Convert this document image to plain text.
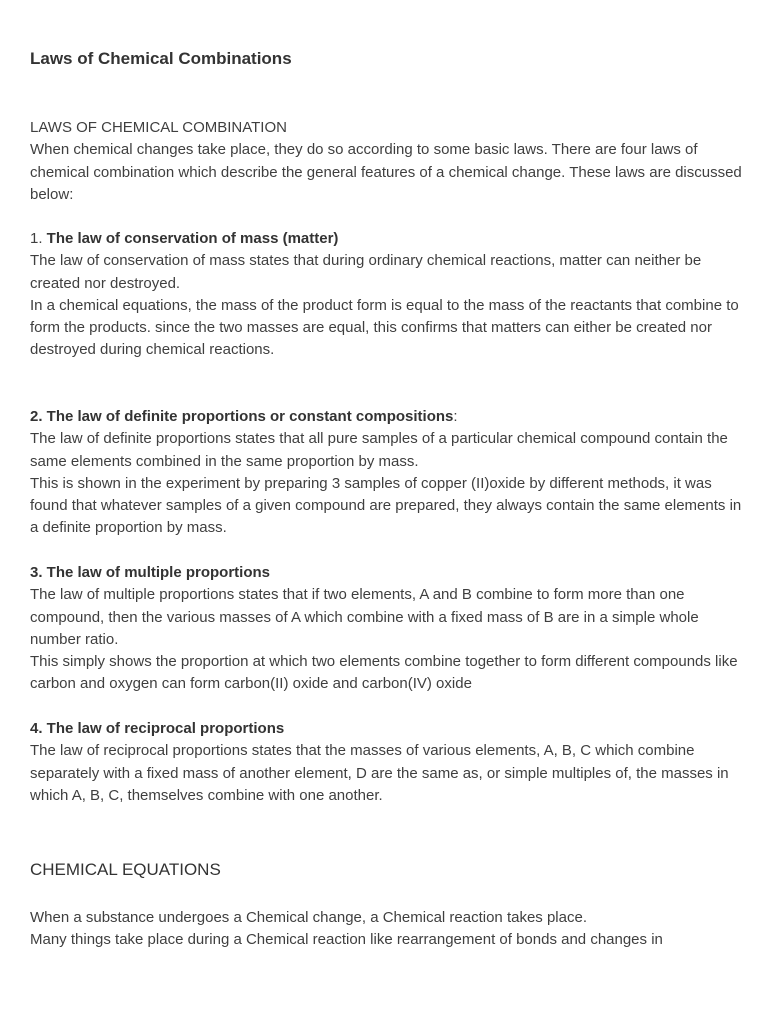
Laws of Chemical Combinations

LAWS OF CHEMICAL COMBINATION

When chemical changes take place, they do so according to some basic laws. There are four laws of chemical combination which describe the general features of a chemical change. These laws are discussed below:

1. The law of conservation of mass (matter)

The law of conservation of mass states that during ordinary chemical reactions, matter can neither be created nor destroyed.

In a chemical equations, the mass of the product form is equal to the mass of the reactants that combine to form the products. since the two masses are equal, this confirms that matters can either be created nor destroyed during chemical reactions.

2. The law of definite proportions or constant compositions:

The law of definite proportions states that all pure samples of a particular chemical compound contain the same elements combined in the same proportion by mass.

This is shown in the experiment by preparing 3 samples of copper (II)oxide by different methods, it was found that whatever samples of a given compound are prepared, they always contain the same elements in a definite proportion by mass.

3. The law of multiple proportions

The law of multiple proportions states that if two elements, A and B combine to form more than one compound, then the various masses of A which combine with a fixed mass of B are in a simple whole number ratio.

This simply shows the proportion at which two elements combine together to form different compounds like carbon and oxygen can form carbon(II) oxide and carbon(IV) oxide

4. The law of reciprocal proportions

The law of reciprocal proportions states that the masses of various elements, A, B, C which combine separately with a fixed mass of another element, D are the same as, or simple multiples of, the masses in which A, B, C, themselves combine with one another.

CHEMICAL EQUATIONS

When a substance undergoes a Chemical change, a Chemical reaction takes place.

Many things take place during a Chemical reaction like rearrangement of bonds and changes in
